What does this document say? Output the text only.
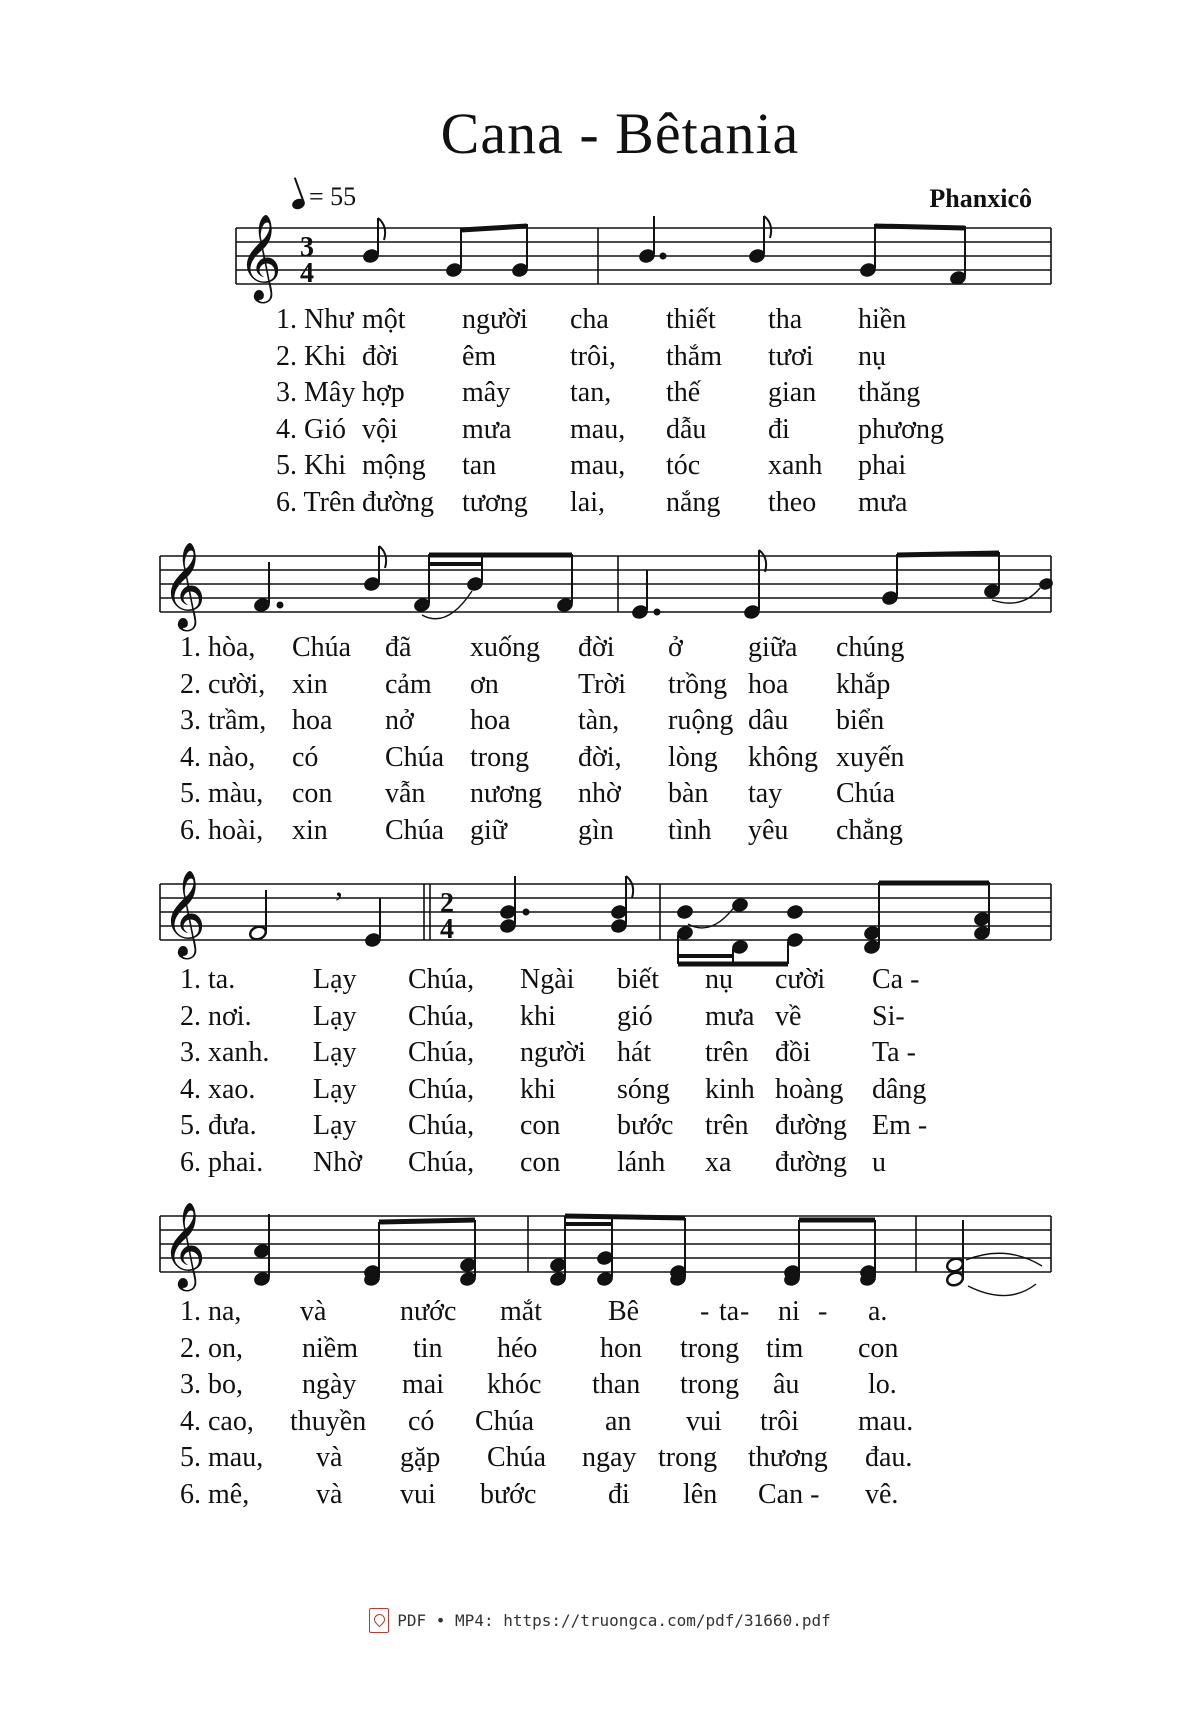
Cana - Bêtania
= 55	Phanxicô
𝄞 3
4
1. Như một người cha thiết tha hiền
2. Khi đời êm	trôi, thắm tươi nụ
3. Mây hợp mây tan, thế gian thăng
4. Gió vội mưa mau, dẫu đi phương
5. Khi mộng tan	mau, tóc xanh phai
6. Trên đường tương lai, nắng theo mưa
𝄞
1. hòa, Chúa đã xuống đời ở giữa chúng
2. cười, xin cảm ơn	Trời trồng hoa khắp
3. trầm, hoa nở hoa tàn, ruộng dâu biển
4. nào, có Chúa trong đời, lòng không xuyến
5. màu, con vẫn nương nhờ bàn tay Chúa
6. hoài, xin Chúa giữ	gìn tình yêu chẳng
𝄞	2
4
,
1. ta.	Lạy Chúa, Ngài biết nụ cười Ca -
2. nơi. Lạy Chúa, khi gió mưa về	Si-
3. xanh. Lạy Chúa, người hát trên đồi Ta -
4. xao. Lạy Chúa, khi sóng kinh hoàng dâng
5. đưa. Lạy Chúa, con bước trên đường Em -
6. phai. Nhờ Chúa, con lánh xa đường u
𝄞
1. na, và	nước mắt Bê - ta - ni - a.
2. on, niềm tin héo hon trong tim con
3. bo, ngày mai khóc than trong âu lo.
4. cao, thuyền có Chúa	an vui trôi mau.
5. mau, và gặp Chúa ngay trong thương đau.
6. mê, và vui bước	đi lên Can - vê.
PDF • MP4: https://truongca.com/pdf/31660.pdf
